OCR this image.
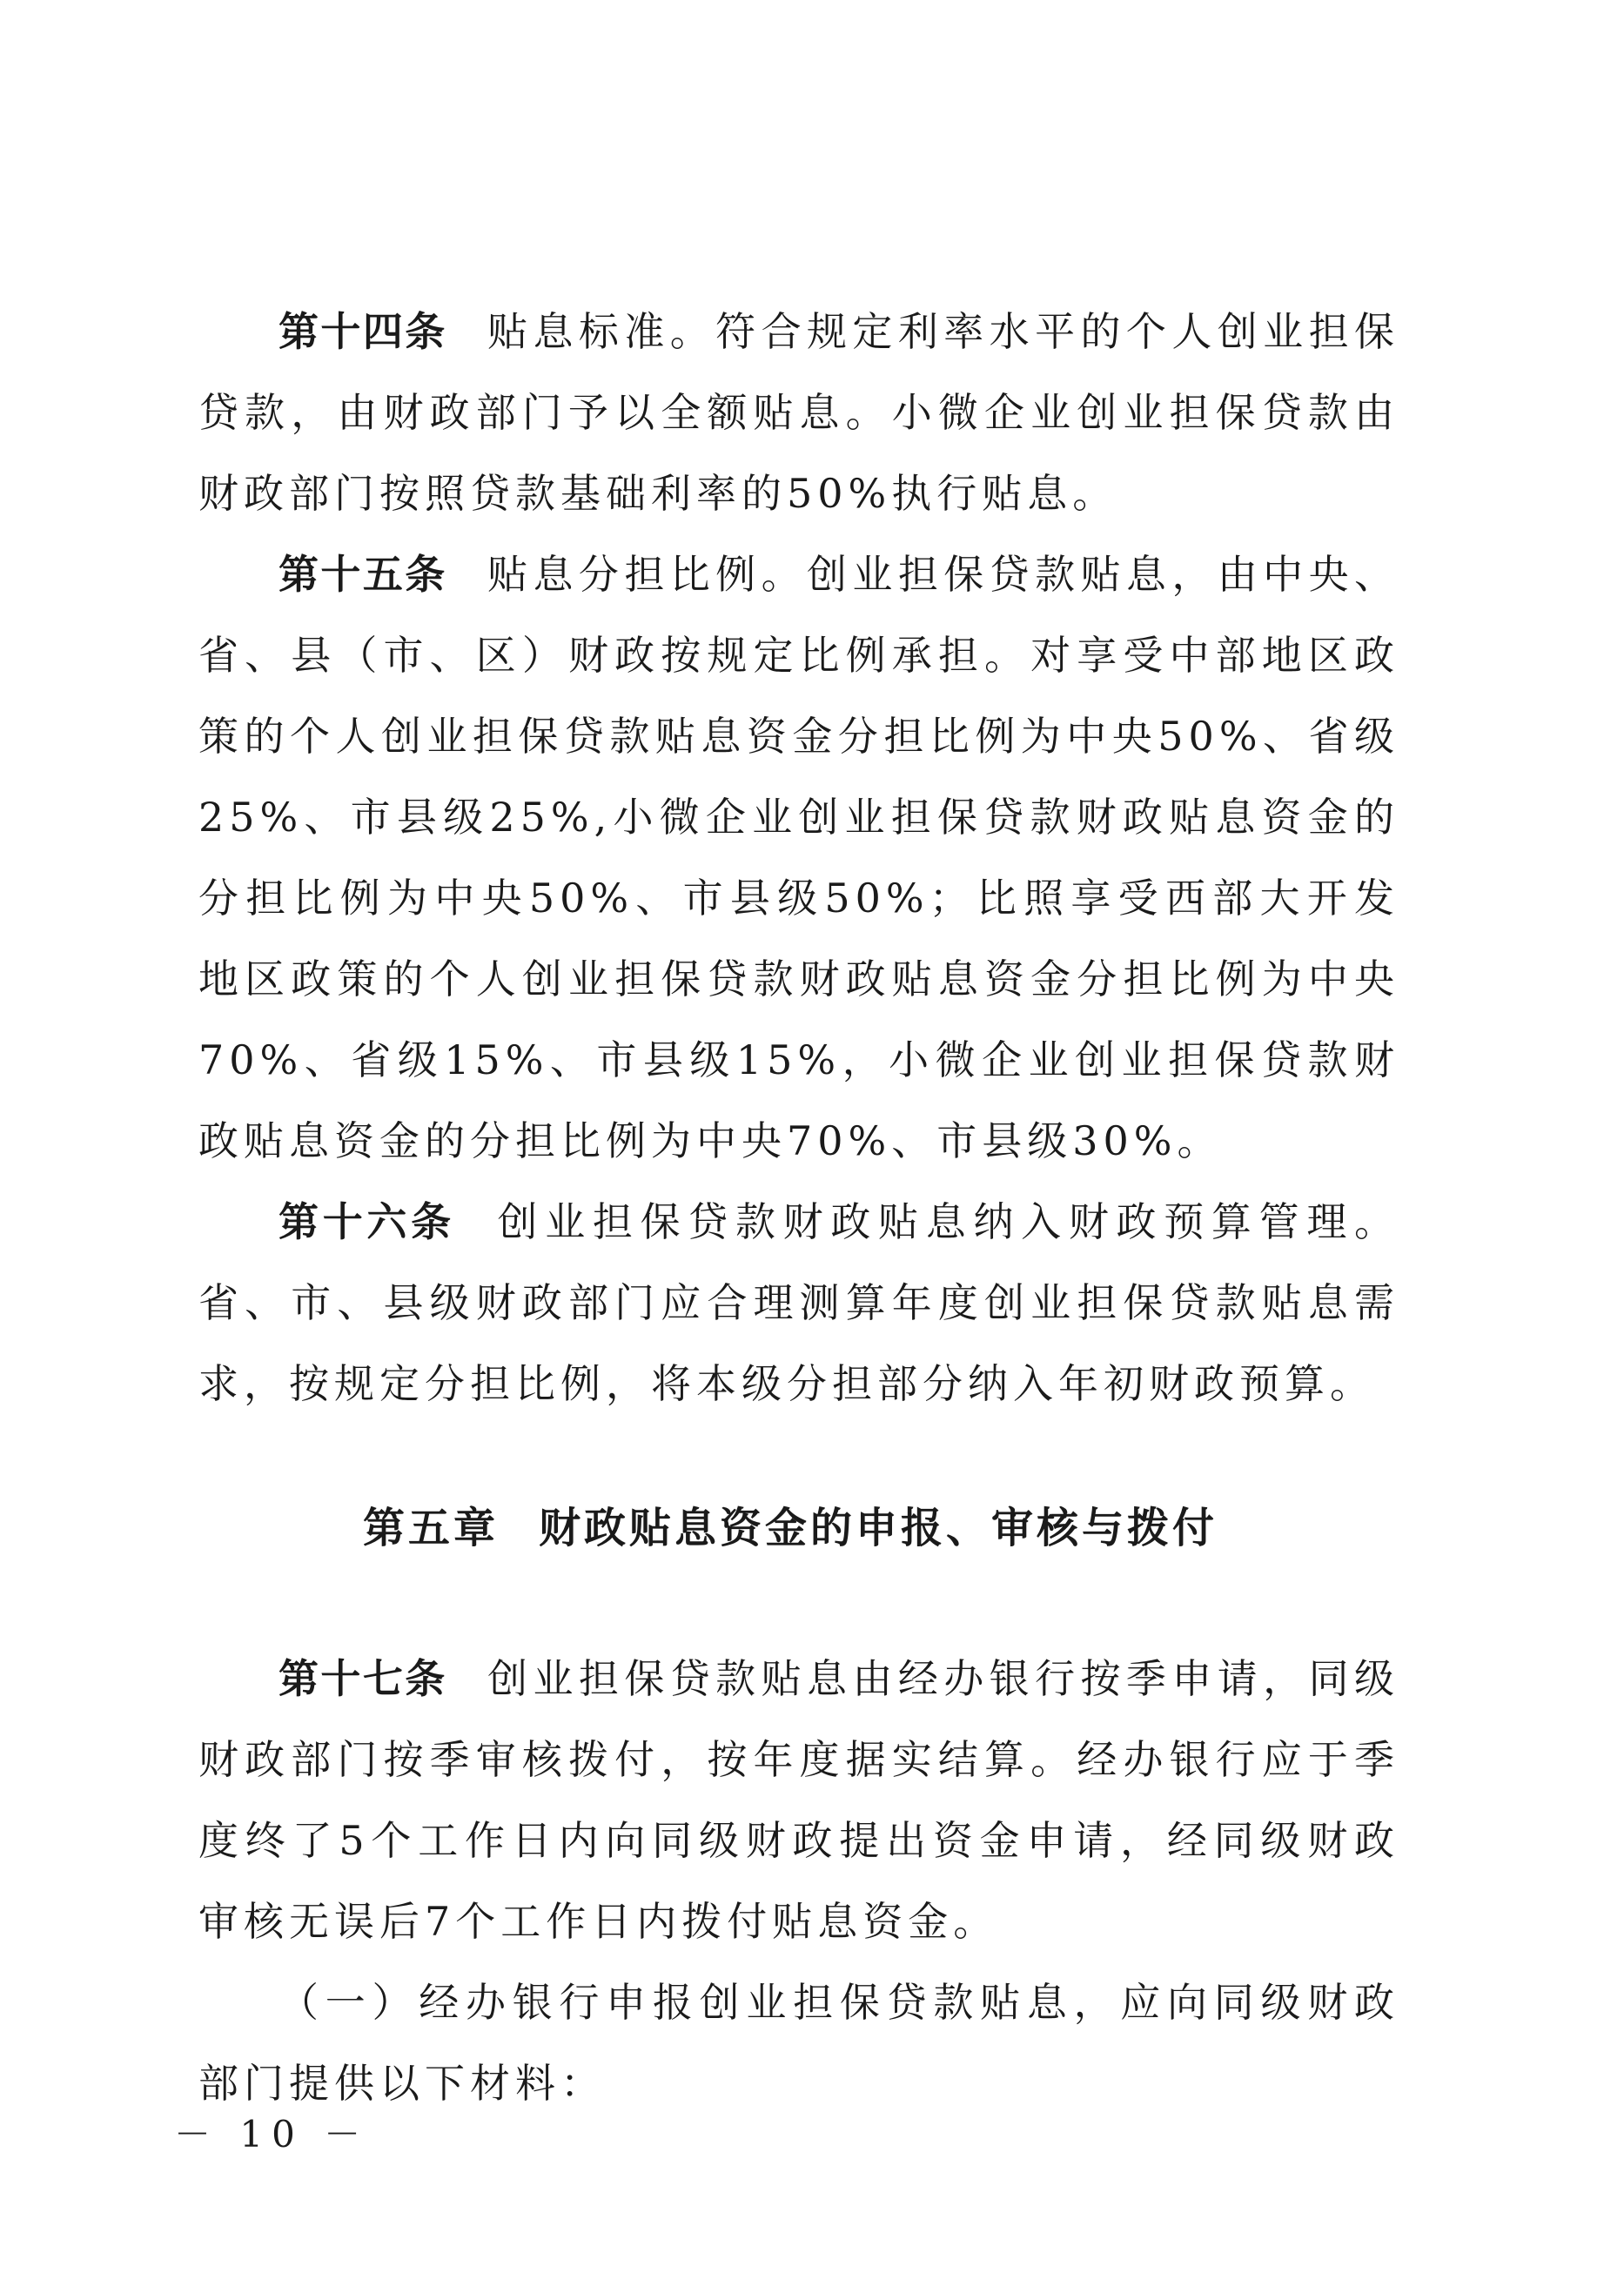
第十四条 贴息标准。符合规定利率水平的个人创业担保贷款，由财政部门予以全额贴息。小微企业创业担保贷款由财政部门按照贷款基础利率的50%执行贴息。

第十五条 贴息分担比例。创业担保贷款贴息，由中央、省、县（市、区）财政按规定比例承担。对享受中部地区政策的个人创业担保贷款贴息资金分担比例为中央50%、省级25%、市县级25%,小微企业创业担保贷款财政贴息资金的分担比例为中央50%、市县级50%；比照享受西部大开发地区政策的个人创业担保贷款财政贴息资金分担比例为中央70%、省级15%、市县级15%，小微企业创业担保贷款财政贴息资金的分担比例为中央70%、市县级30%。

第十六条 创业担保贷款财政贴息纳入财政预算管理。省、市、县级财政部门应合理测算年度创业担保贷款贴息需求，按规定分担比例，将本级分担部分纳入年初财政预算。

第五章 财政贴息资金的申报、审核与拨付

第十七条 创业担保贷款贴息由经办银行按季申请，同级财政部门按季审核拨付，按年度据实结算。经办银行应于季度终了5个工作日内向同级财政提出资金申请，经同级财政审核无误后7个工作日内拨付贴息资金。

（一）经办银行申报创业担保贷款贴息，应向同级财政部门提供以下材料：

－ 10 －
